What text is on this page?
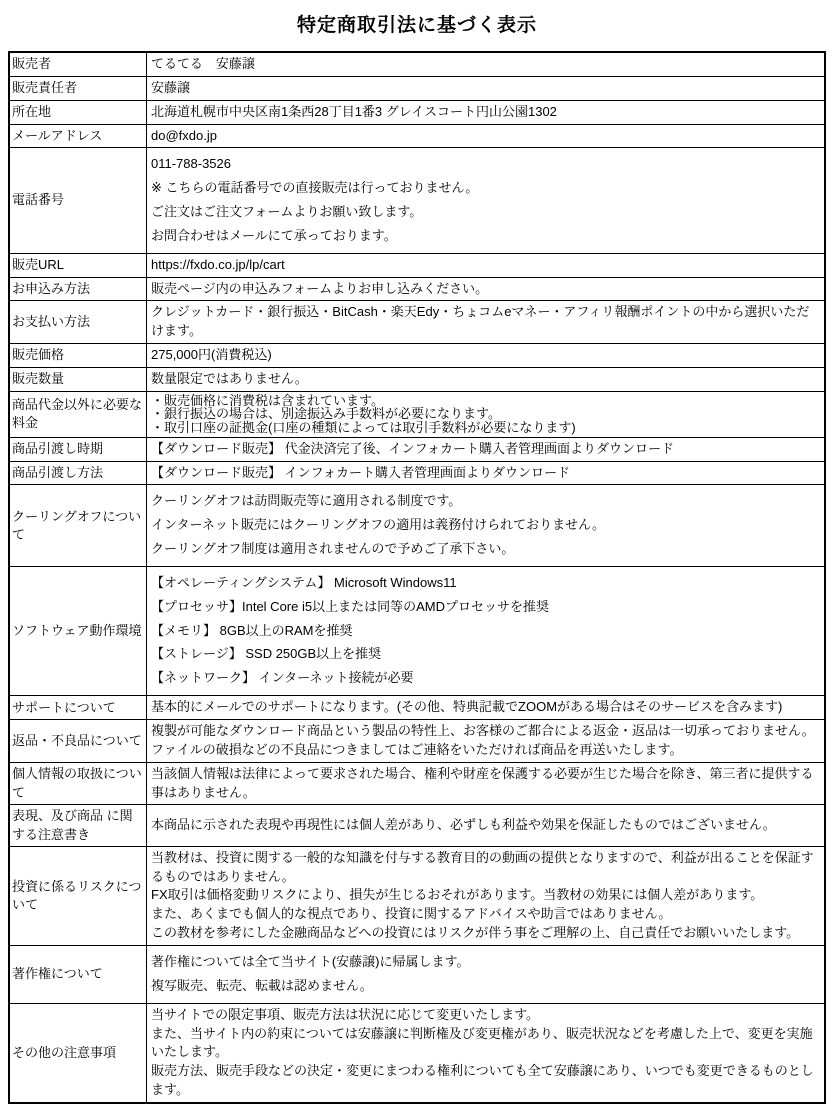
特定商取引法に基づく表示
販売者	てるてる　安藤譲

販売責任者	安藤譲

所在地	北海道札幌市中央区南1条西28丁目1番3 グレイスコート円山公園1302

メールアドレス	do@fxdo.jp

電話番号	011-788-3526

※ こちらの電話番号での直接販売は行っておりません。

ご注文はご注文フォームよりお願い致します。

お問合わせはメールにて承っております。

販売URL	https://fxdo.co.jp/lp/cart

お申込み方法	販売ページ内の申込みフォームよりお申し込みください。

お支払い方法	クレジットカード・銀行振込・BitCash・楽天Edy・ちょコムeマネー・アフィリ報酬ポイントの中から選択いただけます。

販売価格	275,000円(消費税込)

販売数量	数量限定ではありません。

商品代金以外に必要な料金	・販売価格に消費税は含まれています。
・銀行振込の場合は、別途振込み手数料が必要になります。
・取引口座の証拠金(口座の種類によっては取引手数料が必要になります)

商品引渡し時期	【ダウンロード販売】 代金決済完了後、インフォカート購入者管理画面よりダウンロード

商品引渡し方法	【ダウンロード販売】 インフォカート購入者管理画面よりダウンロード

クーリングオフについて	クーリングオフは訪問販売等に適用される制度です。

インターネット販売にはクーリングオフの適用は義務付けられておりません。

クーリングオフ制度は適用されませんので予めご了承下さい。

ソフトウェア動作環境	【オペレーティングシステム】 Microsoft Windows11

【プロセッサ】Intel Core i5以上または同等のAMDプロセッサを推奨

【メモリ】 8GB以上のRAMを推奨

【ストレージ】 SSD 250GB以上を推奨

【ネットワーク】 インターネット接続が必要

サポートについて	基本的にメールでのサポートになります。(その他、特典記載でZOOMがある場合はそのサービスを含みます)

返品・不良品について	複製が可能なダウンロード商品という製品の特性上、お客様のご都合による返金・返品は一切承っておりません。
ファイルの破損などの不良品につきましてはご連絡をいただければ商品を再送いたします。

個人情報の取扱について	当該個人情報は法律によって要求された場合、権利や財産を保護する必要が生じた場合を除き、第三者に提供する事はありません。

表現、及び商品 に関する注意書き	本商品に示された表現や再現性には個人差があり、必ずしも利益や効果を保証したものではございません。

投資に係るリスクについて	当教材は、投資に関する一般的な知識を付与する教育目的の動画の提供となりますので、利益が出ることを保証するものではありません。
FX取引は価格変動リスクにより、損失が生じるおそれがあります。当教材の効果には個人差があります。
また、あくまでも個人的な視点であり、投資に関するアドバイスや助言ではありません。
この教材を参考にした金融商品などへの投資にはリスクが伴う事をご理解の上、自己責任でお願いいたします。

著作権について	著作権については全て当サイト(安藤譲)に帰属します。

複写販売、転売、転載は認めません。

その他の注意事項	当サイトでの限定事項、販売方法は状況に応じて変更いたします。
また、当サイト内の約束については安藤譲に判断権及び変更権があり、販売状況などを考慮した上で、変更を実施いたします。
販売方法、販売手段などの決定・変更にまつわる権利についても全て安藤譲にあり、いつでも変更できるものとします。
